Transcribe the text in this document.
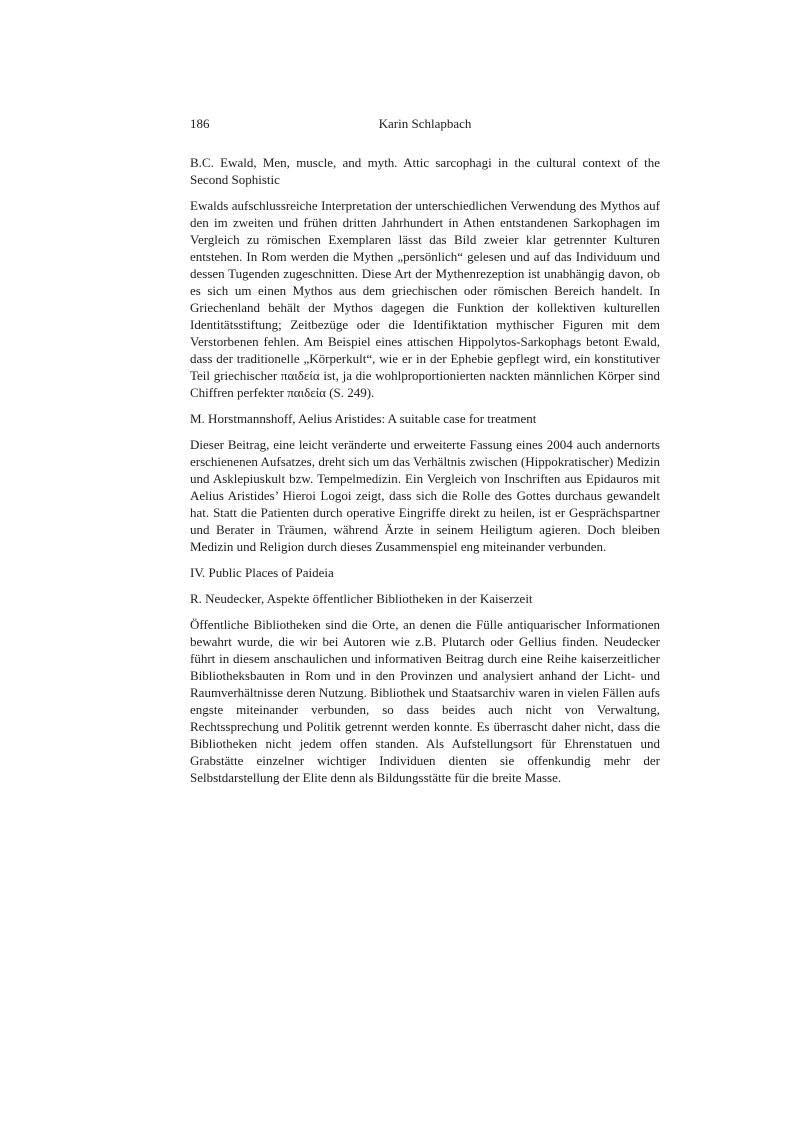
186	Karin Schlapbach

B.C. Ewald, Men, muscle, and myth. Attic sarcophagi in the cultural context of the Second Sophistic

Ewalds aufschlussreiche Interpretation der unterschiedlichen Verwendung des Mythos auf den im zweiten und frühen dritten Jahrhundert in Athen entstandenen Sarkophagen im Vergleich zu römischen Exemplaren lässt das Bild zweier klar getrennter Kulturen entstehen. In Rom werden die Mythen „persönlich“ gelesen und auf das Individuum und dessen Tugenden zugeschnitten. Diese Art der Mythenrezeption ist unabhängig davon, ob es sich um einen Mythos aus dem griechischen oder römischen Bereich handelt. In Griechenland behält der Mythos dagegen die Funktion der kollektiven kulturellen Identitätsstiftung; Zeitbezüge oder die Identifiktation mythischer Figuren mit dem Verstorbenen fehlen. Am Beispiel eines attischen Hippolytos-Sarkophags betont Ewald, dass der traditionelle „Körperkult“, wie er in der Ephebie gepflegt wird, ein konstitutiver Teil griechischer παιδεία ist, ja die wohlproportionierten nackten männlichen Körper sind Chiffren perfekter παιδεία (S. 249).

M. Horstmannshoff, Aelius Aristides: A suitable case for treatment

Dieser Beitrag, eine leicht veränderte und erweiterte Fassung eines 2004 auch andernorts erschienenen Aufsatzes, dreht sich um das Verhältnis zwischen (Hippokratischer) Medizin und Asklepiuskult bzw. Tempelmedizin. Ein Vergleich von Inschriften aus Epidauros mit Aelius Aristides’ Hieroi Logoi zeigt, dass sich die Rolle des Gottes durchaus gewandelt hat. Statt die Patienten durch operative Eingriffe direkt zu heilen, ist er Gesprächspartner und Berater in Träumen, während Ärzte in seinem Heiligtum agieren. Doch bleiben Medizin und Religion durch dieses Zusammenspiel eng miteinander verbunden.

IV. Public Places of Paideia

R. Neudecker, Aspekte öffentlicher Bibliotheken in der Kaiserzeit

Öffentliche Bibliotheken sind die Orte, an denen die Fülle antiquarischer Informationen bewahrt wurde, die wir bei Autoren wie z.B. Plutarch oder Gellius finden. Neudecker führt in diesem anschaulichen und informativen Beitrag durch eine Reihe kaiserzeitlicher Bibliotheksbauten in Rom und in den Provinzen und analysiert anhand der Licht- und Raumverhältnisse deren Nutzung. Bibliothek und Staatsarchiv waren in vielen Fällen aufs engste miteinander verbunden, so dass beides auch nicht von Verwaltung, Rechtssprechung und Politik getrennt werden konnte. Es überrascht daher nicht, dass die Bibliotheken nicht jedem offen standen. Als Aufstellungsort für Ehrenstatuen und Grabstätte einzelner wichtiger Individuen dienten sie offenkundig mehr der Selbstdarstellung der Elite denn als Bildungsstätte für die breite Masse.
